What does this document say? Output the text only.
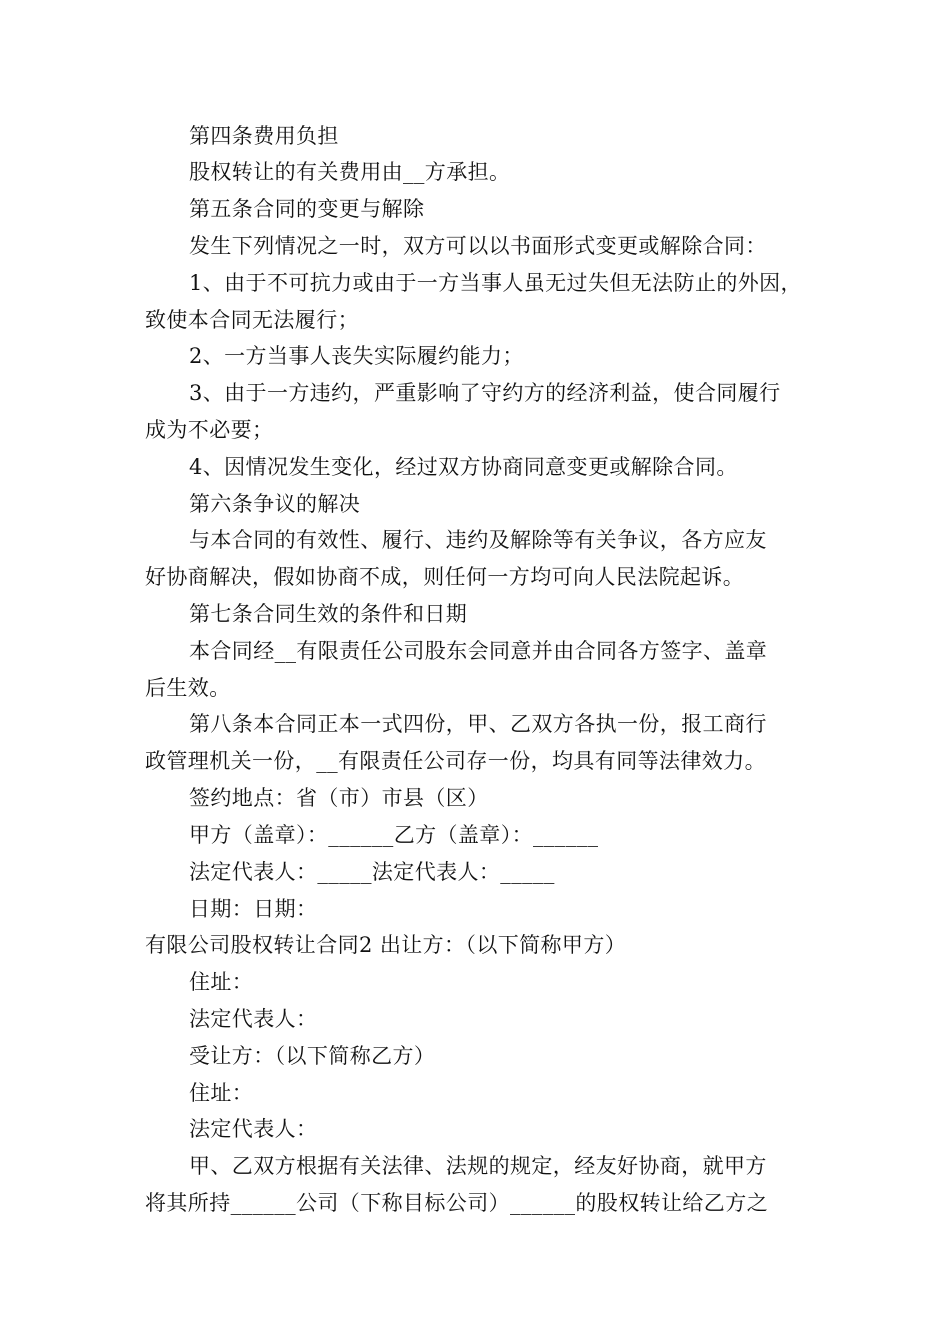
第四条费用负担
股权转让的有关费用由__方承担。
第五条合同的变更与解除
发生下列情况之一时，双方可以以书面形式变更或解除合同：
1、由于不可抗力或由于一方当事人虽无过失但无法防止的外因，
致使本合同无法履行；
2、一方当事人丧失实际履约能力；
3、由于一方违约，严重影响了守约方的经济利益，使合同履行
成为不必要；
4、因情况发生变化，经过双方协商同意变更或解除合同。
第六条争议的解决
与本合同的有效性、履行、违约及解除等有关争议，各方应友
好协商解决，假如协商不成，则任何一方均可向人民法院起诉。
第七条合同生效的条件和日期
本合同经__有限责任公司股东会同意并由合同各方签字、盖章
后生效。
第八条本合同正本一式四份，甲、乙双方各执一份，报工商行
政管理机关一份，__有限责任公司存一份，均具有同等法律效力。
签约地点：省（市）市县（区）
甲方（盖章）：______乙方（盖章）：______
法定代表人：_____法定代表人：_____
日期：日期：
有限公司股权转让合同2 出让方：（以下简称甲方）
住址：
法定代表人：
受让方：（以下简称乙方）
住址：
法定代表人：
甲、乙双方根据有关法律、法规的规定，经友好协商，就甲方
将其所持______公司（下称目标公司）______的股权转让给乙方之
